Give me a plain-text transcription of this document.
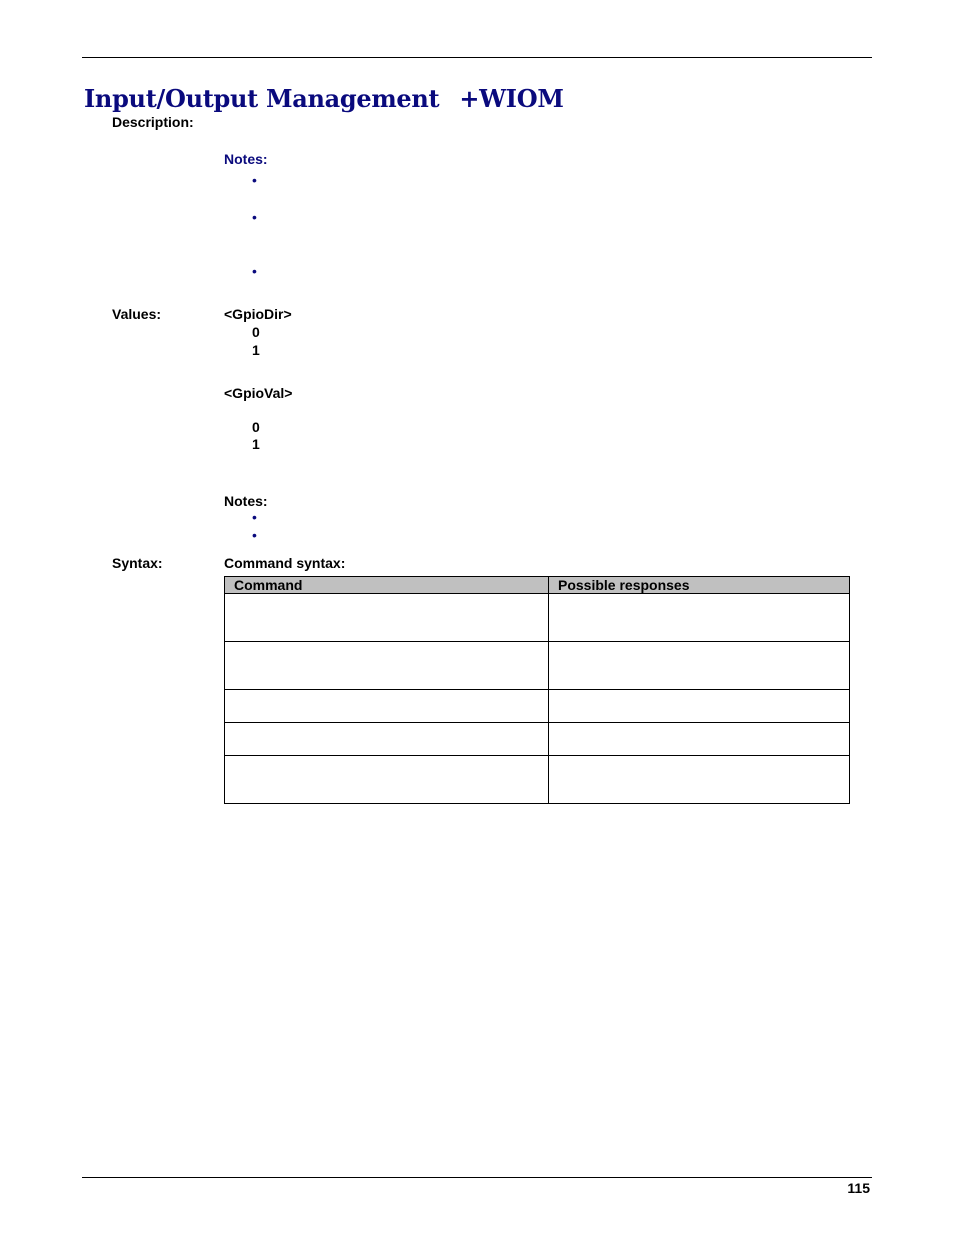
Input/Output Management +WIOM
Description:
Notes:
•
•
•
Values:	<GpioDir>
0
1
<GpioVal>
0
1
Notes:
•
•
Syntax:	Command syntax:
Command	Possible responses

115
